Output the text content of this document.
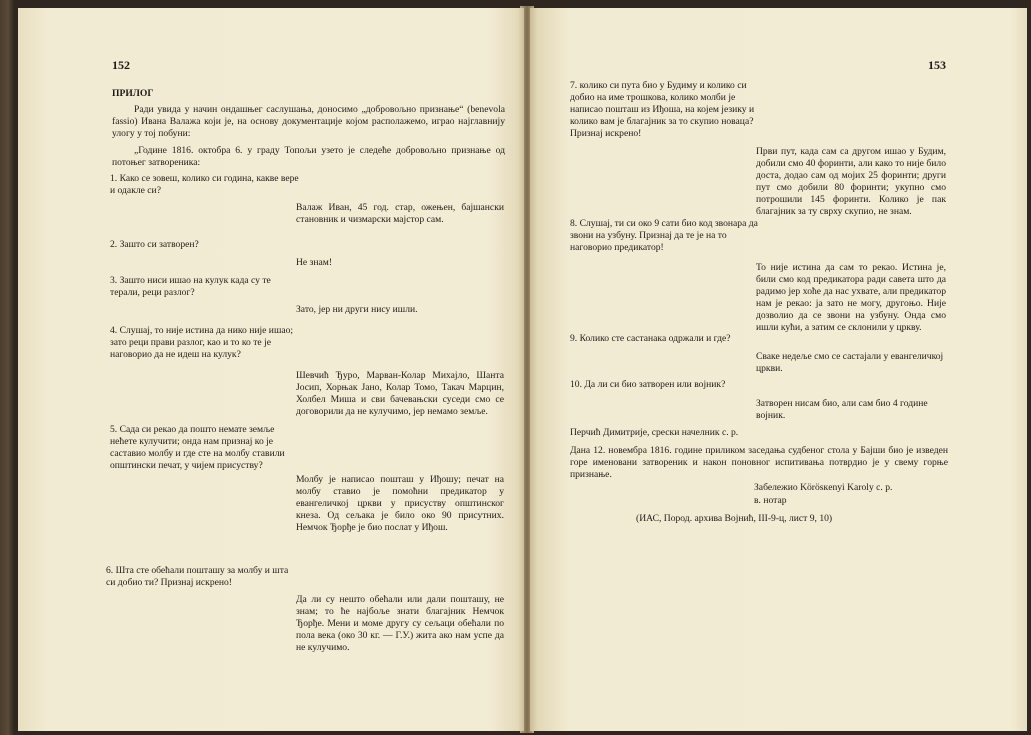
152
ПРИЛОГ

Ради увида у начин ондашњег саслушања, доносимо „добровољно признање“ (benevola fassio) Ивана Валажа који је, на основу документације којом располажемо, играо најглавнију улогу у тој побуни:

„Године 1816. октобра 6. у граду Топољи узето је следеће добровољно признање од потоњег затвореника:

1. Како се зовеш, колико си година, какве вере и одакле си?

Валаж Иван, 45 год. стар, ожењен, бајшански становник и чизмарски мајстор сам.

2. Зашто си затворен?

Не знам!

3. Зашто ниси ишао на кулук када су те терали, реци разлог?

Зато, јер ни други нису ишли.

4. Слушај, то није истина да нико није ишао; зато реци прави разлог, као и то ко те је наговорио да не идеш на кулук?

Шевчић Ђуро, Марван-Колар Михајло, Шанта Јосип, Хорњак Јано, Колар Томо, Такач Марцин, Холбел Миша и сви бачевањски суседи смо се договорили да не кулучимо, јер немамо земље.

5. Сада си рекао да пошто немате земље нећете кулучити; онда нам признај ко је саставио молбу и где сте на молбу ставили општински печат, у чијем присуству?

Молбу је написао пошташ у Иђошу; печат на молбу ставио је помоћни предикатор у евангеличкој цркви у присуству општинског кнеза. Од сељака је било око 90 присутних. Немчок Ђорђе је био послат у Иђош.

6. Шта сте обећали пошташу за молбу и шта си добио ти? Признај искрено!

Да ли су нешто обећали или дали пошташу, не знам; то ће најбоље знати благајник Немчок Ђорђе. Мени и моме другу су сељаци обећали по пола века (око 30 кг. — Г.У.) жита ако нам успе да не кулучимо.

153

7. колико си пута био у Будиму и колико си добио на име трошкова, колико молби је написао пошташ из Иђоша, на којем језику и колико вам је благајник за то скупио новаца? Признај искрено!

Први пут, када сам са другом ишао у Будим, добили смо 40 форинти, али како то није било доста, додао сам од мојих 25 форинти; други пут смо добили 80 форинти; укупно смо потрошили 145 форинти. Колико је пак благајник за ту сврху скупио, не знам.

8. Слушај, ти си око 9 сати био код звонара да звони на узбуну. Признај да те је на то наговорио предикатор!

То није истина да сам то рекао. Истина је, били смо код предикатора ради савета што да радимо јер хоће да нас ухвате, али предикатор нам је рекао: ја зато не могу, другоњо. Није дозволио да се звони на узбуну. Онда смо ишли кући, а затим се склонили у цркву.

9. Колико сте састанака одржали и где?

Сваке недеље смо се састајали у евангеличкој цркви.

10. Да ли си био затворен или војник?

Затворен нисам био, али сам био 4 године војник.

Перчић Димитрије, срески начелник с. р.

Дана 12. новембра 1816. године приликом заседања судбеног стола у Бајши био је изведен горе именовани затвореник и након поновног испитивања потврдио је у свему горње признање.

Забележио Körösкenyi Karoly с. р.

в. нотар

(ИАС, Пород. архива Војнић, III-9-ц, лист 9, 10)
